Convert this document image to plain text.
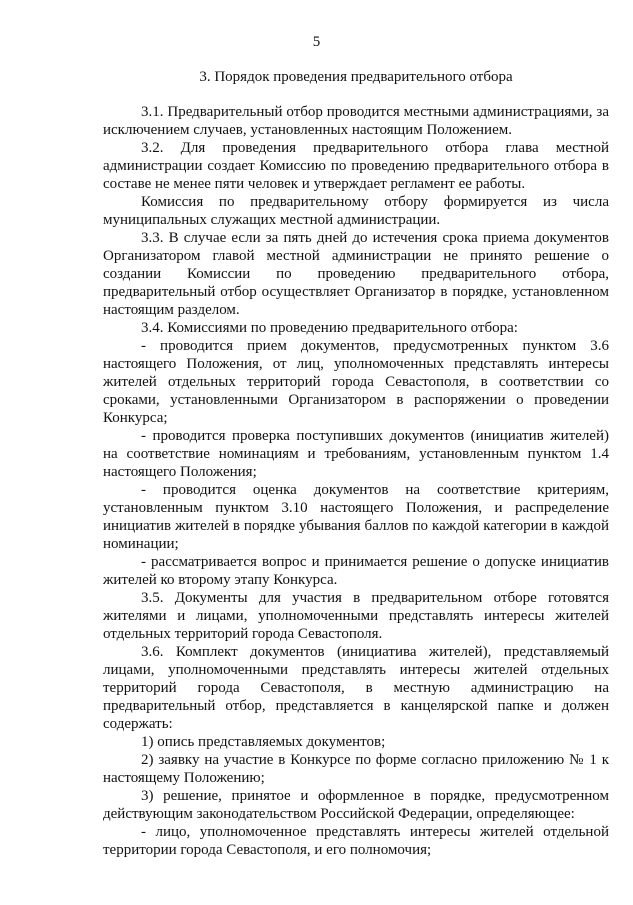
5
3. Порядок проведения предварительного отбора

3.1. Предварительный отбор проводится местными администрациями, за исключением случаев, установленных настоящим Положением.

3.2. Для проведения предварительного отбора глава местной администрации создает Комиссию по проведению предварительного отбора в составе не менее пяти человек и утверждает регламент ее работы.

Комиссия по предварительному отбору формируется из числа муниципальных служащих местной администрации.

3.3. В случае если за пять дней до истечения срока приема документов Организатором главой местной администрации не принято решение о создании Комиссии по проведению предварительного отбора, предварительный отбор осуществляет Организатор в порядке, установленном настоящим разделом.

3.4. Комиссиями по проведению предварительного отбора:

- проводится прием документов, предусмотренных пунктом 3.6 настоящего Положения, от лиц, уполномоченных представлять интересы жителей отдельных территорий города Севастополя, в соответствии со сроками, установленными Организатором в распоряжении о проведении Конкурса;

- проводится проверка поступивших документов (инициатив жителей) на соответствие номинациям и требованиям, установленным пунктом 1.4 настоящего Положения;

- проводится оценка документов на соответствие критериям, установленным пунктом 3.10 настоящего Положения, и распределение инициатив жителей в порядке убывания баллов по каждой категории в каждой номинации;

- рассматривается вопрос и принимается решение о допуске инициатив жителей ко второму этапу Конкурса.

3.5. Документы для участия в предварительном отборе готовятся жителями и лицами, уполномоченными представлять интересы жителей отдельных территорий города Севастополя.

3.6. Комплект документов (инициатива жителей), представляемый лицами, уполномоченными представлять интересы жителей отдельных территорий города Севастополя, в местную администрацию на предварительный отбор, представляется в канцелярской папке и должен содержать:

1) опись представляемых документов;

2) заявку на участие в Конкурсе по форме согласно приложению № 1 к настоящему Положению;

3) решение, принятое и оформленное в порядке, предусмотренном действующим законодательством Российской Федерации, определяющее:

- лицо, уполномоченное представлять интересы жителей отдельной территории города Севастополя, и его полномочия;
